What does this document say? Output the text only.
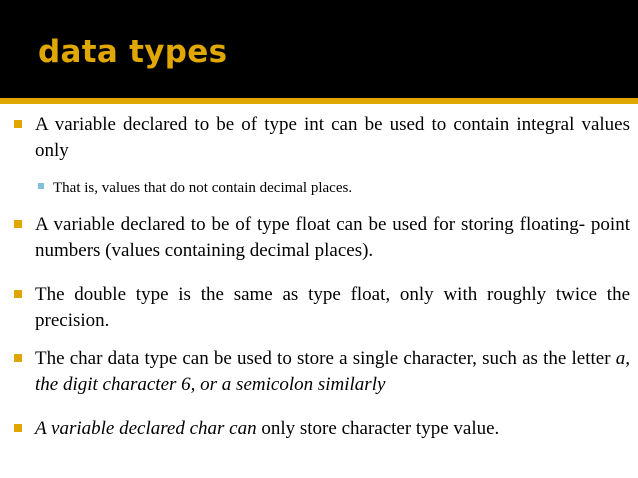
data types
A variable declared to be of type int can be used to contain integral values only
That is, values that do not contain decimal places.
A variable declared to be of type float can be used for storing floating- point numbers (values containing decimal places).
The double type is the same as type float, only with roughly twice the precision.
The char data type can be used to store a single character, such as the letter a, the digit character 6, or a semicolon similarly
A variable declared char can only store character type value.
